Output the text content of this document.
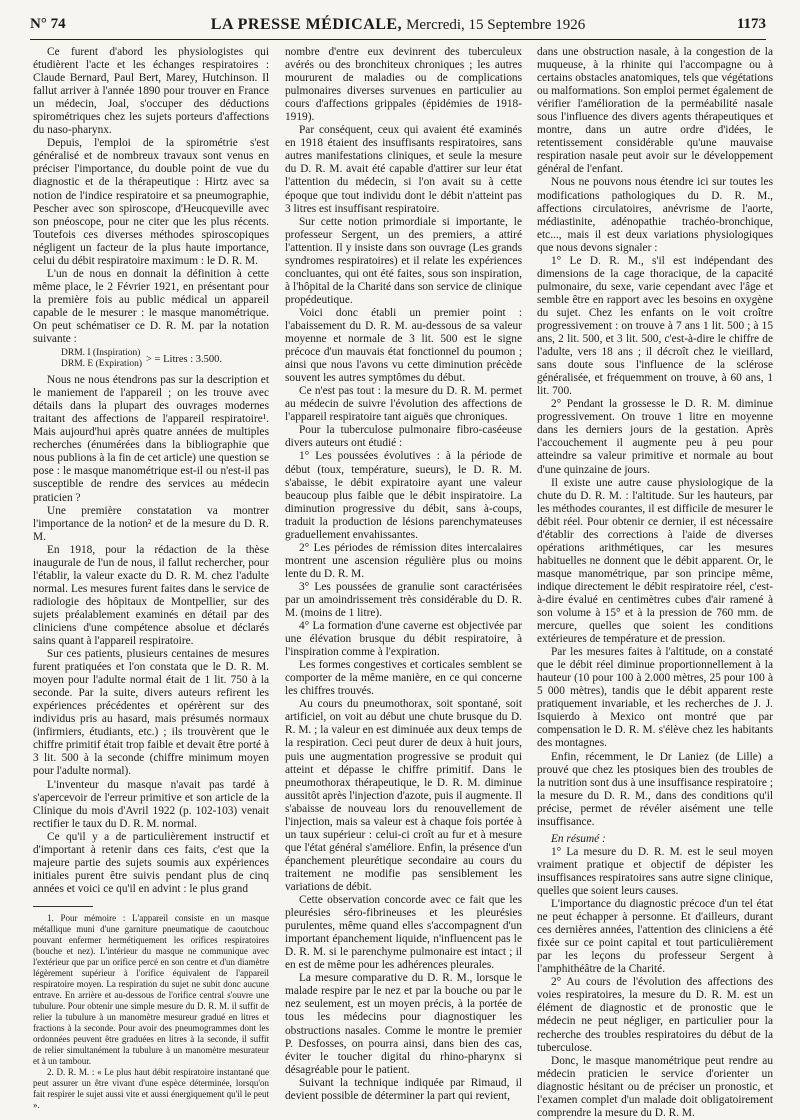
N° 74	LA PRESSE MÉDICALE, Mercredi, 15 Septembre 1926	1173

Ce furent d'abord les physiologistes qui étudièrent l'acte et les échanges respiratoires : Claude Bernard, Paul Bert, Marey, Hutchinson. Il fallut arriver à l'année 1890 pour trouver en France un médecin, Joal, s'occuper des déductions spirométriques chez les sujets porteurs d'affections du naso-pharynx.

Depuis, l'emploi de la spirométrie s'est généralisé et de nombreux travaux sont venus en préciser l'importance, du double point de vue du diagnostic et de la thérapeutique : Hirtz avec sa notion de l'indice respiratoire et sa pneumographie, Pescher avec son spiroscope, d'Heucqueville avec son pnéoscope, pour ne citer que les plus récents. Toutefois ces diverses méthodes spiroscopiques négligent un facteur de la plus haute importance, celui du débit respiratoire maximum : le D. R. M.

L'un de nous en donnait la définition à cette même place, le 2 Février 1921, en présentant pour la première fois au public médical un appareil capable de le mesurer : le masque manométrique. On peut schématiser ce D. R. M. par la notation suivante :

DRM. I (Inspiration)
DRM. E (Expiration) > = Litres : 3.500.

Nous ne nous étendrons pas sur la description et le maniement de l'appareil ; on les trouve avec détails dans la plupart des ouvrages modernes traitant des affections de l'appareil respiratoire¹. Mais aujourd'hui après quatre années de multiples recherches (énumérées dans la bibliographie que nous publions à la fin de cet article) une question se pose : le masque manométrique est-il ou n'est-il pas susceptible de rendre des services au médecin praticien ?

Une première constatation va montrer l'importance de la notion² et de la mesure du D. R. M.

En 1918, pour la rédaction de la thèse inaugurale de l'un de nous, il fallut rechercher, pour l'établir, la valeur exacte du D. R. M. chez l'adulte normal. Les mesures furent faites dans le service de radiologie des hôpitaux de Montpellier, sur des sujets préalablement examinés en détail par des cliniciens d'une compétence absolue et déclarés sains quant à l'appareil respiratoire.

Sur ces patients, plusieurs centaines de mesures furent pratiquées et l'on constata que le D. R. M. moyen pour l'adulte normal était de 1 lit. 750 à la seconde. Par la suite, divers auteurs refirent les expériences précédentes et opérèrent sur des individus pris au hasard, mais présumés normaux (infirmiers, étudiants, etc.) ; ils trouvèrent que le chiffre primitif était trop faible et devait être porté à 3 lit. 500 à la seconde (chiffre minimum moyen pour l'adulte normal).

L'inventeur du masque n'avait pas tardé à s'apercevoir de l'erreur primitive et son article de la Clinique du mois d'Avril 1922 (p. 102-103) venait rectifier le taux du D. R. M. normal.

Ce qu'il y a de particulièrement instructif et d'important à retenir dans ces faits, c'est que la majeure partie des sujets soumis aux expériences initiales purent être suivis pendant plus de cinq années et voici ce qu'il en advint : le plus grand

1. Pour mémoire : L'appareil consiste en un masque métallique muni d'une garniture pneumatique de caoutchouc pouvant enfermer hermétiquement les orifices respiratoires (bouche et nez). L'intérieur du masque ne communique avec l'extérieur que par un orifice percé en son centre et d'un diamètre légèrement supérieur à l'orifice équivalent de l'appareil respiratoire moyen. La respiration du sujet ne subit donc aucune entrave. En arrière et au-dessous de l'orifice central s'ouvre une tubulure. Pour obtenir une simple mesure du D. R. M. il suffit de relier la tubulure à un manomètre mesureur gradué en litres et fractions à la seconde. Pour avoir des pneumogrammes dont les ordonnées peuvent être graduées en litres à la seconde, il suffit de relier simultanément la tubulure à un manomètre mesurateur et à un tambour.

2. D. R. M. : « Le plus haut débit respiratoire instantané que peut assurer un être vivant d'une espèce déterminée, lorsqu'on fait respirer le sujet aussi vite et aussi énergiquement qu'il le peut ».

nombre d'entre eux devinrent des tuberculeux avérés ou des bronchiteux chroniques ; les autres moururent de maladies ou de complications pulmonaires diverses survenues en particulier au cours d'affections grippales (épidémies de 1918-1919).

Par conséquent, ceux qui avaient été examinés en 1918 étaient des insuffisants respiratoires, sans autres manifestations cliniques, et seule la mesure du D. R. M. avait été capable d'attirer sur leur état l'attention du médecin, si l'on avait su à cette époque que tout individu dont le débit n'atteint pas 3 litres est insuffisant respiratoire.

Sur cette notion primordiale si importante, le professeur Sergent, un des premiers, a attiré l'attention. Il y insiste dans son ouvrage (Les grands syndromes respiratoires) et il relate les expériences concluantes, qui ont été faites, sous son inspiration, à l'hôpital de la Charité dans son service de clinique propédeutique.

Voici donc établi un premier point : l'abaissement du D. R. M. au-dessous de sa valeur moyenne et normale de 3 lit. 500 est le signe précoce d'un mauvais état fonctionnel du poumon ; ainsi que nous l'avons vu cette diminution précède souvent les autres symptômes du début.

Ce n'est pas tout : la mesure du D. R. M. permet au médecin de suivre l'évolution des affections de l'appareil respiratoire tant aiguës que chroniques.

Pour la tuberculose pulmonaire fibro-caséeuse divers auteurs ont étudié :

1° Les poussées évolutives : à la période de début (toux, température, sueurs), le D. R. M. s'abaisse, le débit expiratoire ayant une valeur beaucoup plus faible que le débit inspiratoire. La diminution progressive du débit, sans à-coups, traduit la production de lésions parenchymateuses graduellement envahissantes.

2° Les périodes de rémission dites intercalaires montrent une ascension régulière plus ou moins lente du D. R. M.

3° Les poussées de granulie sont caractérisées par un amoindrissement très considérable du D. R. M. (moins de 1 litre).

4° La formation d'une caverne est objectivée par une élévation brusque du débit respiratoire, à l'inspiration comme à l'expiration.

Les formes congestives et corticales semblent se comporter de la même manière, en ce qui concerne les chiffres trouvés.

Au cours du pneumothorax, soit spontané, soit artificiel, on voit au début une chute brusque du D. R. M. ; la valeur en est diminuée aux deux temps de la respiration. Ceci peut durer de deux à huit jours, puis une augmentation progressive se produit qui atteint et dépasse le chiffre primitif. Dans le pneumothorax thérapeutique, le D. R. M. diminue aussitôt après l'injection d'azote, puis il augmente. Il s'abaisse de nouveau lors du renouvellement de l'injection, mais sa valeur est à chaque fois portée à un taux supérieur : celui-ci croît au fur et à mesure que l'état général s'améliore. Enfin, la présence d'un épanchement pleurétique secondaire au cours du traitement ne modifie pas sensiblement les variations de débit.

Cette observation concorde avec ce fait que les pleurésies séro-fibrineuses et les pleurésies purulentes, même quand elles s'accompagnent d'un important épanchement liquide, n'influencent pas le D. R. M. si le parenchyme pulmonaire est intact ; il en est de même pour les adhérences pleurales.

La mesure comparative du D. R. M., lorsque le malade respire par le nez et par la bouche ou par le nez seulement, est un moyen précis, à la portée de tous les médecins pour diagnostiquer les obstructions nasales. Comme le montre le premier P. Desfosses, on pourra ainsi, dans bien des cas, éviter le toucher digital du rhino-pharynx si désagréable pour le patient.

Suivant la technique indiquée par Rimaud, il devient possible de déterminer la part qui revient,

dans une obstruction nasale, à la congestion de la muqueuse, à la rhinite qui l'accompagne ou à certains obstacles anatomiques, tels que végétations ou malformations. Son emploi permet également de vérifier l'amélioration de la perméabilité nasale sous l'influence des divers agents thérapeutiques et montre, dans un autre ordre d'idées, le retentissement considérable qu'une mauvaise respiration nasale peut avoir sur le développement général de l'enfant.

Nous ne pouvons nous étendre ici sur toutes les modifications pathologiques du D. R. M., affections circulatoires, anévrisme de l'aorte, médiastinite, adénopathie trachéo-bronchique, etc..., mais il est deux variations physiologiques que nous devons signaler :

1° Le D. R. M., s'il est indépendant des dimensions de la cage thoracique, de la capacité pulmonaire, du sexe, varie cependant avec l'âge et semble être en rapport avec les besoins en oxygène du sujet. Chez les enfants on le voit croître progressivement : on trouve à 7 ans 1 lit. 500 ; à 15 ans, 2 lit. 500, et 3 lit. 500, c'est-à-dire le chiffre de l'adulte, vers 18 ans ; il décroît chez le vieillard, sans doute sous l'influence de la sclérose généralisée, et fréquemment on trouve, à 60 ans, 1 lit. 700.

2° Pendant la grossesse le D. R. M. diminue progressivement. On trouve 1 litre en moyenne dans les derniers jours de la gestation. Après l'accouchement il augmente peu à peu pour atteindre sa valeur primitive et normale au bout d'une quinzaine de jours.

Il existe une autre cause physiologique de la chute du D. R. M. : l'altitude. Sur les hauteurs, par les méthodes courantes, il est difficile de mesurer le débit réel. Pour obtenir ce dernier, il est nécessaire d'établir des corrections à l'aide de diverses opérations arithmétiques, car les mesures habituelles ne donnent que le débit apparent. Or, le masque manométrique, par son principe même, indique directement le débit respiratoire réel, c'est-à-dire évalué en centimètres cubes d'air ramené à son volume à 15° et à la pression de 760 mm. de mercure, quelles que soient les conditions extérieures de température et de pression.

Par les mesures faites à l'altitude, on a constaté que le débit réel diminue proportionnellement à la hauteur (10 pour 100 à 2.000 mètres, 25 pour 100 à 5 000 mètres), tandis que le débit apparent reste pratiquement invariable, et les recherches de J. J. Isquierdo à Mexico ont montré que par compensation le D. R. M. s'élève chez les habitants des montagnes.

Enfin, récemment, le Dr Laniez (de Lille) a prouvé que chez les ptosiques bien des troubles de la nutrition sont dus à une insuffisance respiratoire ; la mesure du D. R. M., dans des conditions qu'il précise, permet de révéler aisément une telle insuffisance.

En résumé :

1° La mesure du D. R. M. est le seul moyen vraiment pratique et objectif de dépister les insuffisances respiratoires sans autre signe clinique, quelles que soient leurs causes.

L'importance du diagnostic précoce d'un tel état ne peut échapper à personne. Et d'ailleurs, durant ces dernières années, l'attention des cliniciens a été fixée sur ce point capital et tout particulièrement par les leçons du professeur Sergent à l'amphithéâtre de la Charité.

2° Au cours de l'évolution des affections des voies respiratoires, la mesure du D. R. M. est un élément de diagnostic et de pronostic que le médecin ne peut négliger, en particulier pour la recherche des troubles respiratoires du début de la tuberculose.

Donc, le masque manométrique peut rendre au médecin praticien le service d'orienter un diagnostic hésitant ou de préciser un pronostic, et l'examen complet d'un malade doit obligatoirement comprendre la mesure du D. R. M.
